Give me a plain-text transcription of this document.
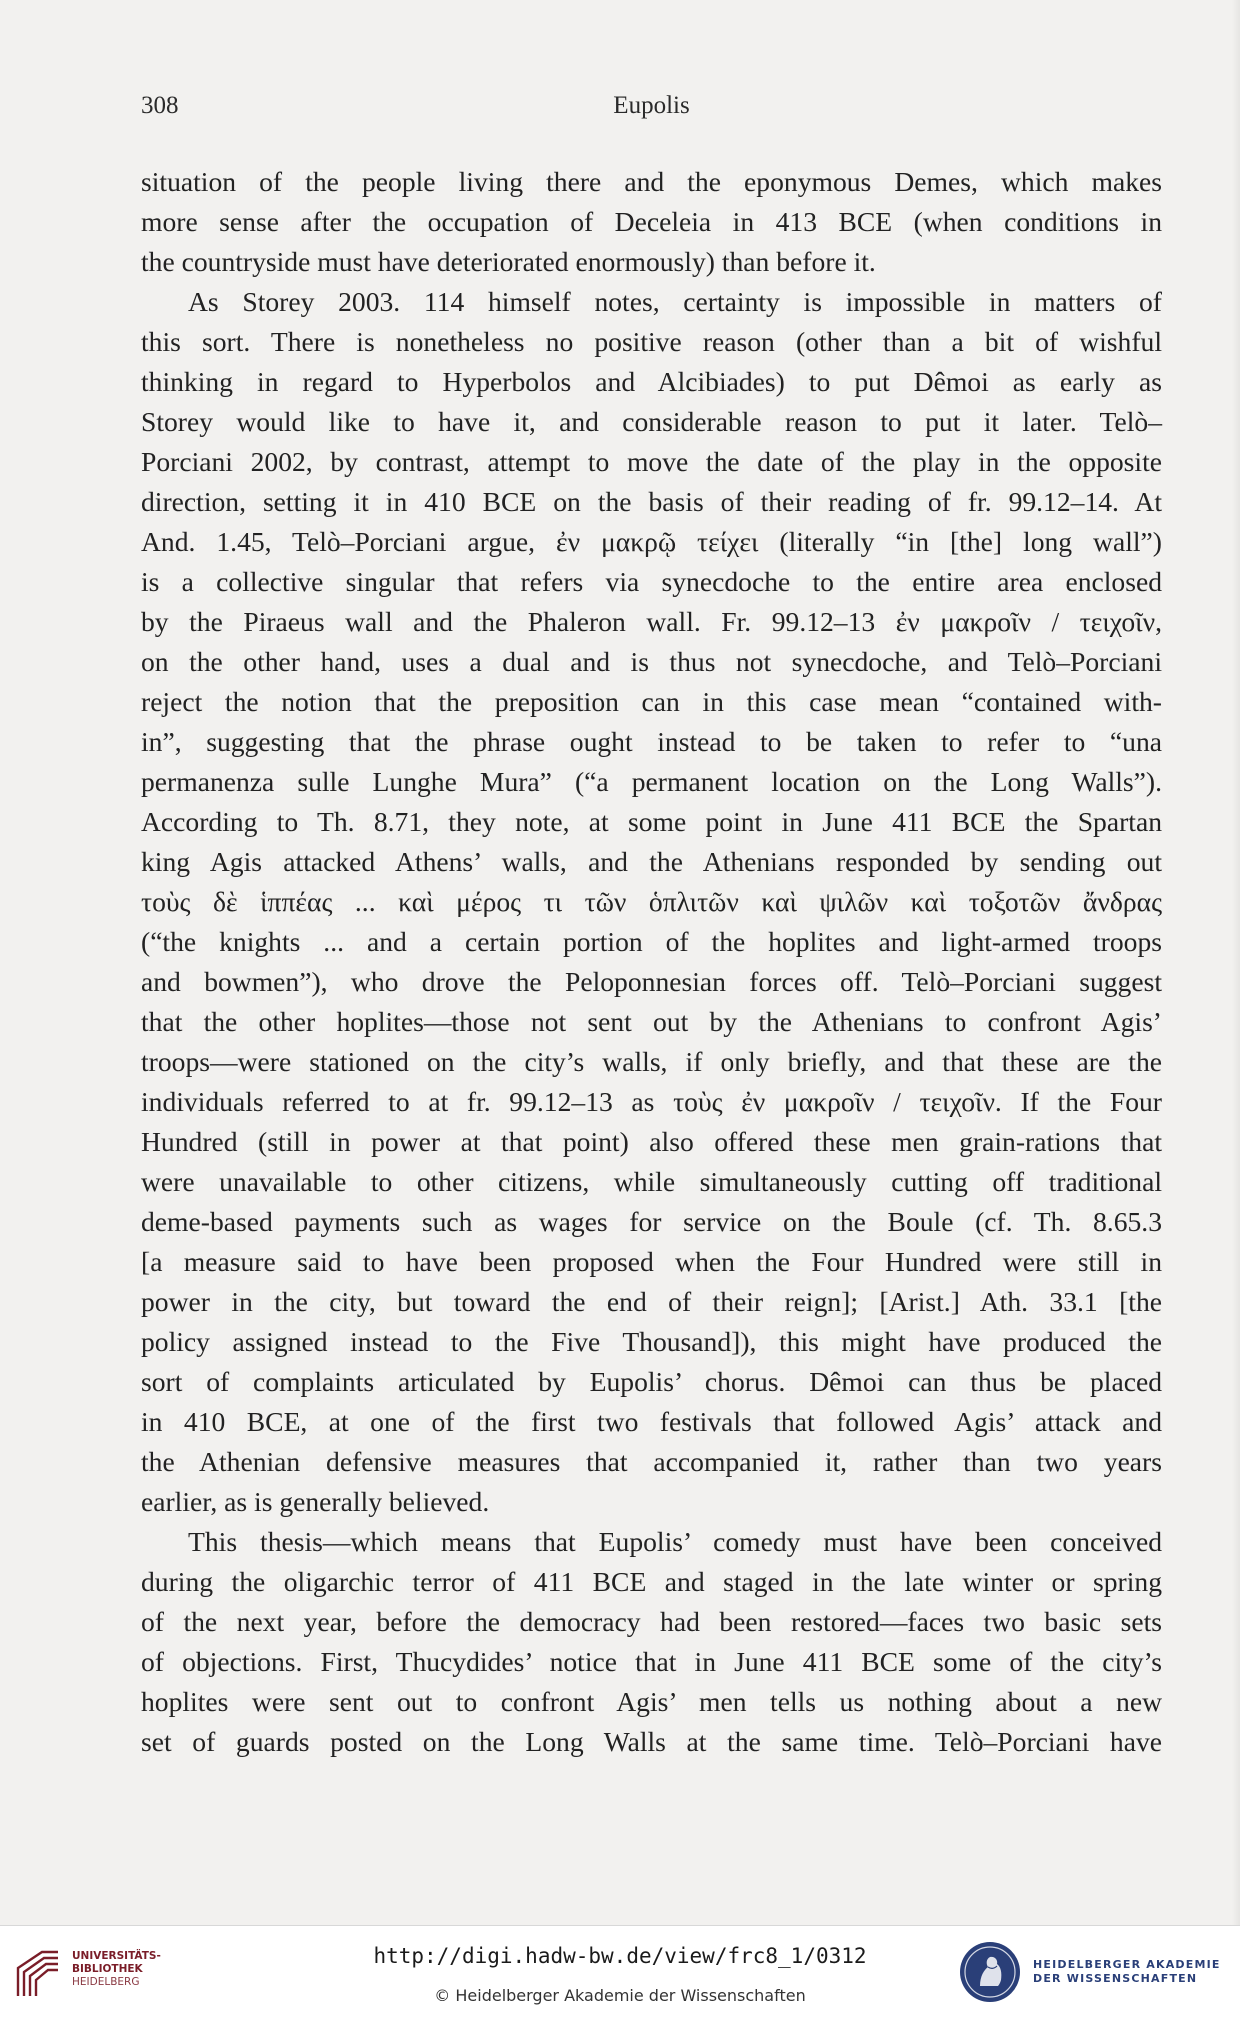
308	Eupolis
situation of the people living there and the eponymous Demes, which makes
more sense after the occupation of Deceleia in 413 BCE (when conditions in
the countryside must have deteriorated enormously) than before it.
As Storey 2003. 114 himself notes, certainty is impossible in matters of
this sort. There is nonetheless no positive reason (other than a bit of wishful
thinking in regard to Hyperbolos and Alcibiades) to put Dêmoi as early as
Storey would like to have it, and considerable reason to put it later. Telò–
Porciani 2002, by contrast, attempt to move the date of the play in the opposite
direction, setting it in 410 BCE on the basis of their reading of fr. 99.12–14. At
And. 1.45, Telò–Porciani argue, ἐν μακρῷ τείχει (literally “in [the] long wall”)
is a collective singular that refers via synecdoche to the entire area enclosed
by the Piraeus wall and the Phaleron wall. Fr. 99.12–13 ἐν μακροῖν / τειχοῖν,
on the other hand, uses a dual and is thus not synecdoche, and Telò–Porciani
reject the notion that the preposition can in this case mean “contained with-
in”, suggesting that the phrase ought instead to be taken to refer to “una
permanenza sulle Lunghe Mura” (“a permanent location on the Long Walls”).
According to Th. 8.71, they note, at some point in June 411 BCE the Spartan
king Agis attacked Athens’ walls, and the Athenians responded by sending out
τοὺς δὲ ἱππέας ... καὶ μέρος τι τῶν ὁπλιτῶν καὶ ψιλῶν καὶ τοξοτῶν ἄνδρας
(“the knights ... and a certain portion of the hoplites and light-armed troops
and bowmen”), who drove the Peloponnesian forces off. Telò–Porciani suggest
that the other hoplites—those not sent out by the Athenians to confront Agis’
troops—were stationed on the city’s walls, if only briefly, and that these are the
individuals referred to at fr. 99.12–13 as τοὺς ἐν μακροῖν / τειχοῖν. If the Four
Hundred (still in power at that point) also offered these men grain-rations that
were unavailable to other citizens, while simultaneously cutting off traditional
deme-based payments such as wages for service on the Boule (cf. Th. 8.65.3
[a measure said to have been proposed when the Four Hundred were still in
power in the city, but toward the end of their reign]; [Arist.] Ath. 33.1 [the
policy assigned instead to the Five Thousand]), this might have produced the
sort of complaints articulated by Eupolis’ chorus. Dêmoi can thus be placed
in 410 BCE, at one of the first two festivals that followed Agis’ attack and
the Athenian defensive measures that accompanied it, rather than two years
earlier, as is generally believed.
This thesis—which means that Eupolis’ comedy must have been conceived
during the oligarchic terror of 411 BCE and staged in the late winter or spring
of the next year, before the democracy had been restored—faces two basic sets
of objections. First, Thucydides’ notice that in June 411 BCE some of the city’s
hoplites were sent out to confront Agis’ men tells us nothing about a new
set of guards posted on the Long Walls at the same time. Telò–Porciani have
UNIVERSITÄTS-
BIBLIOTHEK
HEIDELBERG
http://digi.hadw-bw.de/view/frc8_1/0312
© Heidelberger Akademie der Wissenschaften
HEIDELBERGER AKADEMIE
DER WISSENSCHAFTEN
